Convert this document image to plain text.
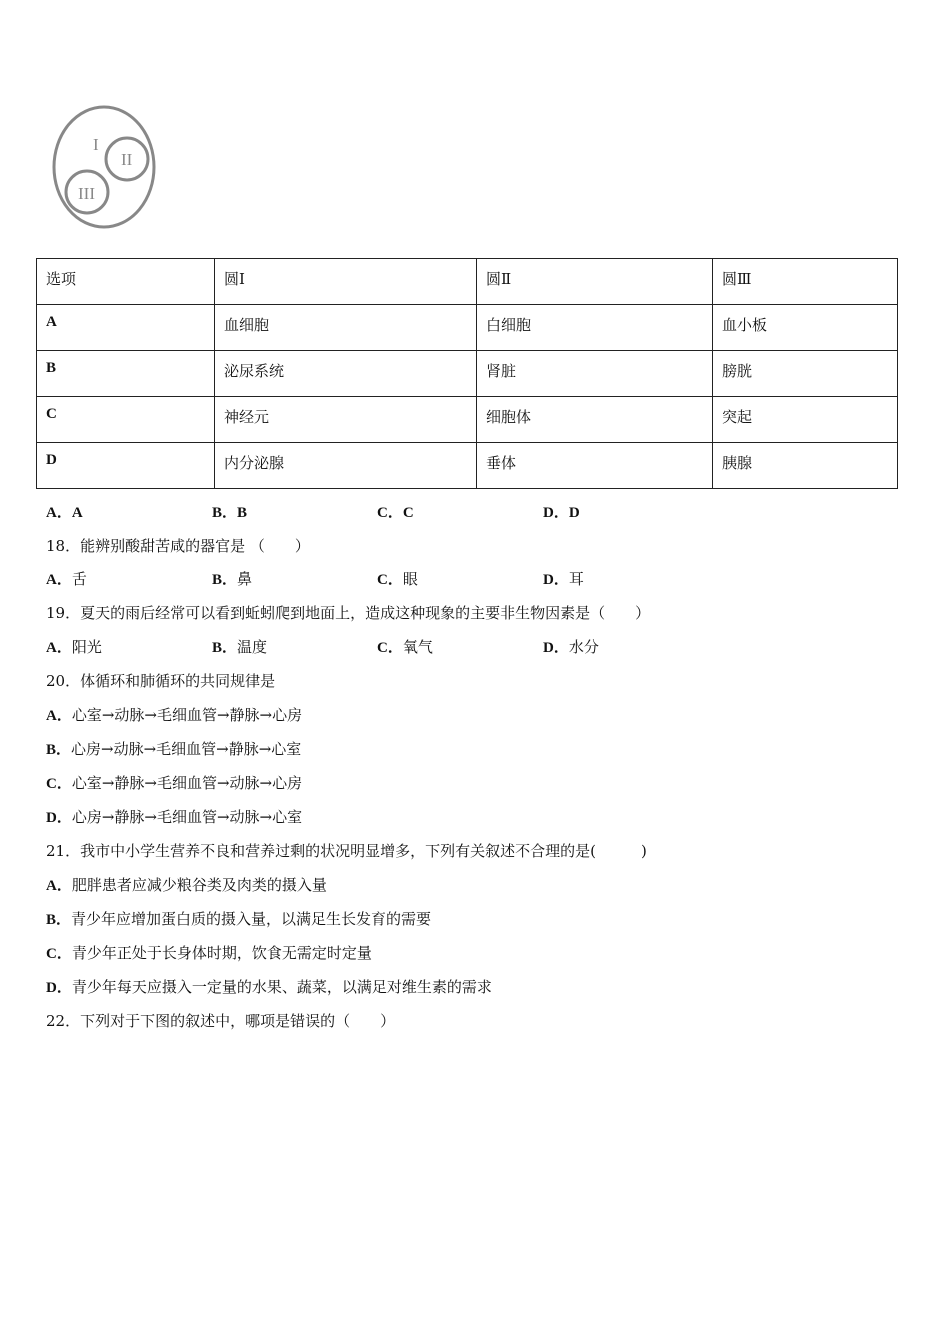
I
II
III
选项	圆Ⅰ	圆Ⅱ	圆Ⅲ
A	血细胞	白细胞	血小板
B	泌尿系统	肾脏	膀胱
C	神经元	细胞体	突起
D	内分泌腺	垂体	胰腺
A．A	B．B	C．C	D．D
18．能辨别酸甜苦咸的器官是 （　　）
A．舌	B．鼻	C．眼	D．耳
19．夏天的雨后经常可以看到蚯蚓爬到地面上，造成这种现象的主要非生物因素是（　　）
A．阳光	B．温度	C．氧气	D．水分
20．体循环和肺循环的共同规律是
A．心室→动脉→毛细血管→静脉→心房
B．心房→动脉→毛细血管→静脉→心室
C．心室→静脉→毛细血管→动脉→心房
D．心房→静脉→毛细血管→动脉→心室
21．我市中小学生营养不良和营养过剩的状况明显增多，下列有关叙述不合理的是(　　　)
A．肥胖患者应减少粮谷类及肉类的摄入量
B．青少年应增加蛋白质的摄入量，以满足生长发育的需要
C．青少年正处于长身体时期，饮食无需定时定量
D．青少年每天应摄入一定量的水果、蔬菜，以满足对维生素的需求
22．下列对于下图的叙述中，哪项是错误的（　　）
